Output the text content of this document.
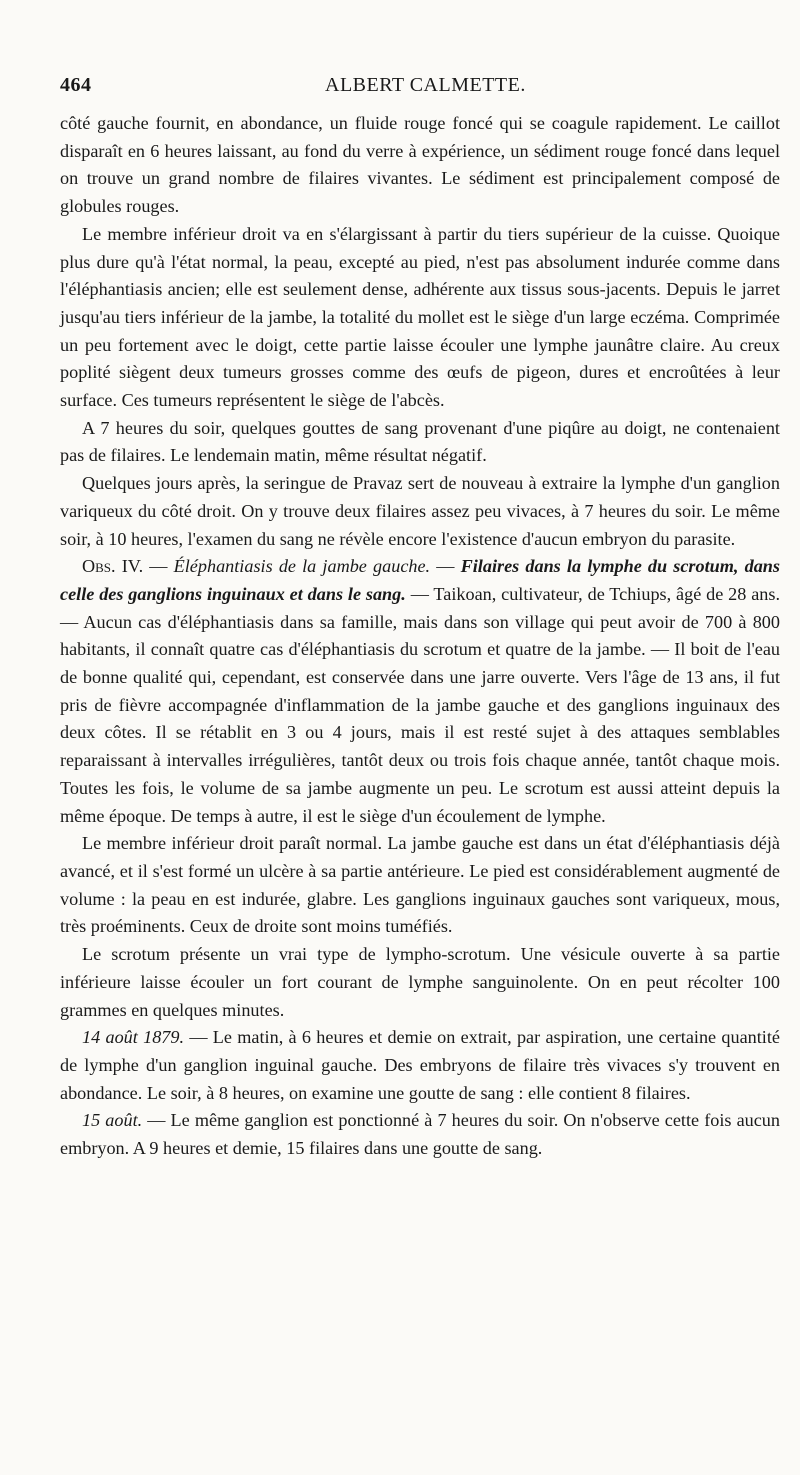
464	ALBERT CALMETTE.

côté gauche fournit, en abondance, un fluide rouge foncé qui se coagule rapidement. Le caillot disparaît en 6 heures laissant, au fond du verre à expérience, un sédiment rouge foncé dans lequel on trouve un grand nombre de filaires vivantes. Le sédiment est principalement composé de globules rouges.

Le membre inférieur droit va en s'élargissant à partir du tiers supérieur de la cuisse. Quoique plus dure qu'à l'état normal, la peau, excepté au pied, n'est pas absolument indurée comme dans l'éléphantiasis ancien; elle est seulement dense, adhérente aux tissus sous-jacents. Depuis le jarret jusqu'au tiers inférieur de la jambe, la totalité du mollet est le siège d'un large eczéma. Comprimée un peu fortement avec le doigt, cette partie laisse écouler une lymphe jaunâtre claire. Au creux poplité siègent deux tumeurs grosses comme des œufs de pigeon, dures et encroûtées à leur surface. Ces tumeurs représentent le siège de l'abcès.

A 7 heures du soir, quelques gouttes de sang provenant d'une piqûre au doigt, ne contenaient pas de filaires. Le lendemain matin, même résultat négatif.

Quelques jours après, la seringue de Pravaz sert de nouveau à extraire la lymphe d'un ganglion variqueux du côté droit. On y trouve deux filaires assez peu vivaces, à 7 heures du soir. Le même soir, à 10 heures, l'examen du sang ne révèle encore l'existence d'aucun embryon du parasite.

Obs. IV. — Éléphantiasis de la jambe gauche. — Filaires dans la lymphe du scrotum, dans celle des ganglions inguinaux et dans le sang. — Taikoan, cultivateur, de Tchiups, âgé de 28 ans. — Aucun cas d'éléphantiasis dans sa famille, mais dans son village qui peut avoir de 700 à 800 habitants, il connaît quatre cas d'éléphantiasis du scrotum et quatre de la jambe. — Il boit de l'eau de bonne qualité qui, cependant, est conservée dans une jarre ouverte. Vers l'âge de 13 ans, il fut pris de fièvre accompagnée d'inflammation de la jambe gauche et des ganglions inguinaux des deux côtes. Il se rétablit en 3 ou 4 jours, mais il est resté sujet à des attaques semblables reparaissant à intervalles irrégulières, tantôt deux ou trois fois chaque année, tantôt chaque mois. Toutes les fois, le volume de sa jambe augmente un peu. Le scrotum est aussi atteint depuis la même époque. De temps à autre, il est le siège d'un écoulement de lymphe.

Le membre inférieur droit paraît normal. La jambe gauche est dans un état d'éléphantiasis déjà avancé, et il s'est formé un ulcère à sa partie antérieure. Le pied est considérablement augmenté de volume : la peau en est indurée, glabre. Les ganglions inguinaux gauches sont variqueux, mous, très proéminents. Ceux de droite sont moins tuméfiés.

Le scrotum présente un vrai type de lympho-scrotum. Une vésicule ouverte à sa partie inférieure laisse écouler un fort courant de lymphe sanguinolente. On en peut récolter 100 grammes en quelques minutes.

14 août 1879. — Le matin, à 6 heures et demie on extrait, par aspiration, une certaine quantité de lymphe d'un ganglion inguinal gauche. Des embryons de filaire très vivaces s'y trouvent en abondance. Le soir, à 8 heures, on examine une goutte de sang : elle contient 8 filaires.

15 août. — Le même ganglion est ponctionné à 7 heures du soir. On n'observe cette fois aucun embryon. A 9 heures et demie, 15 filaires dans une goutte de sang.
